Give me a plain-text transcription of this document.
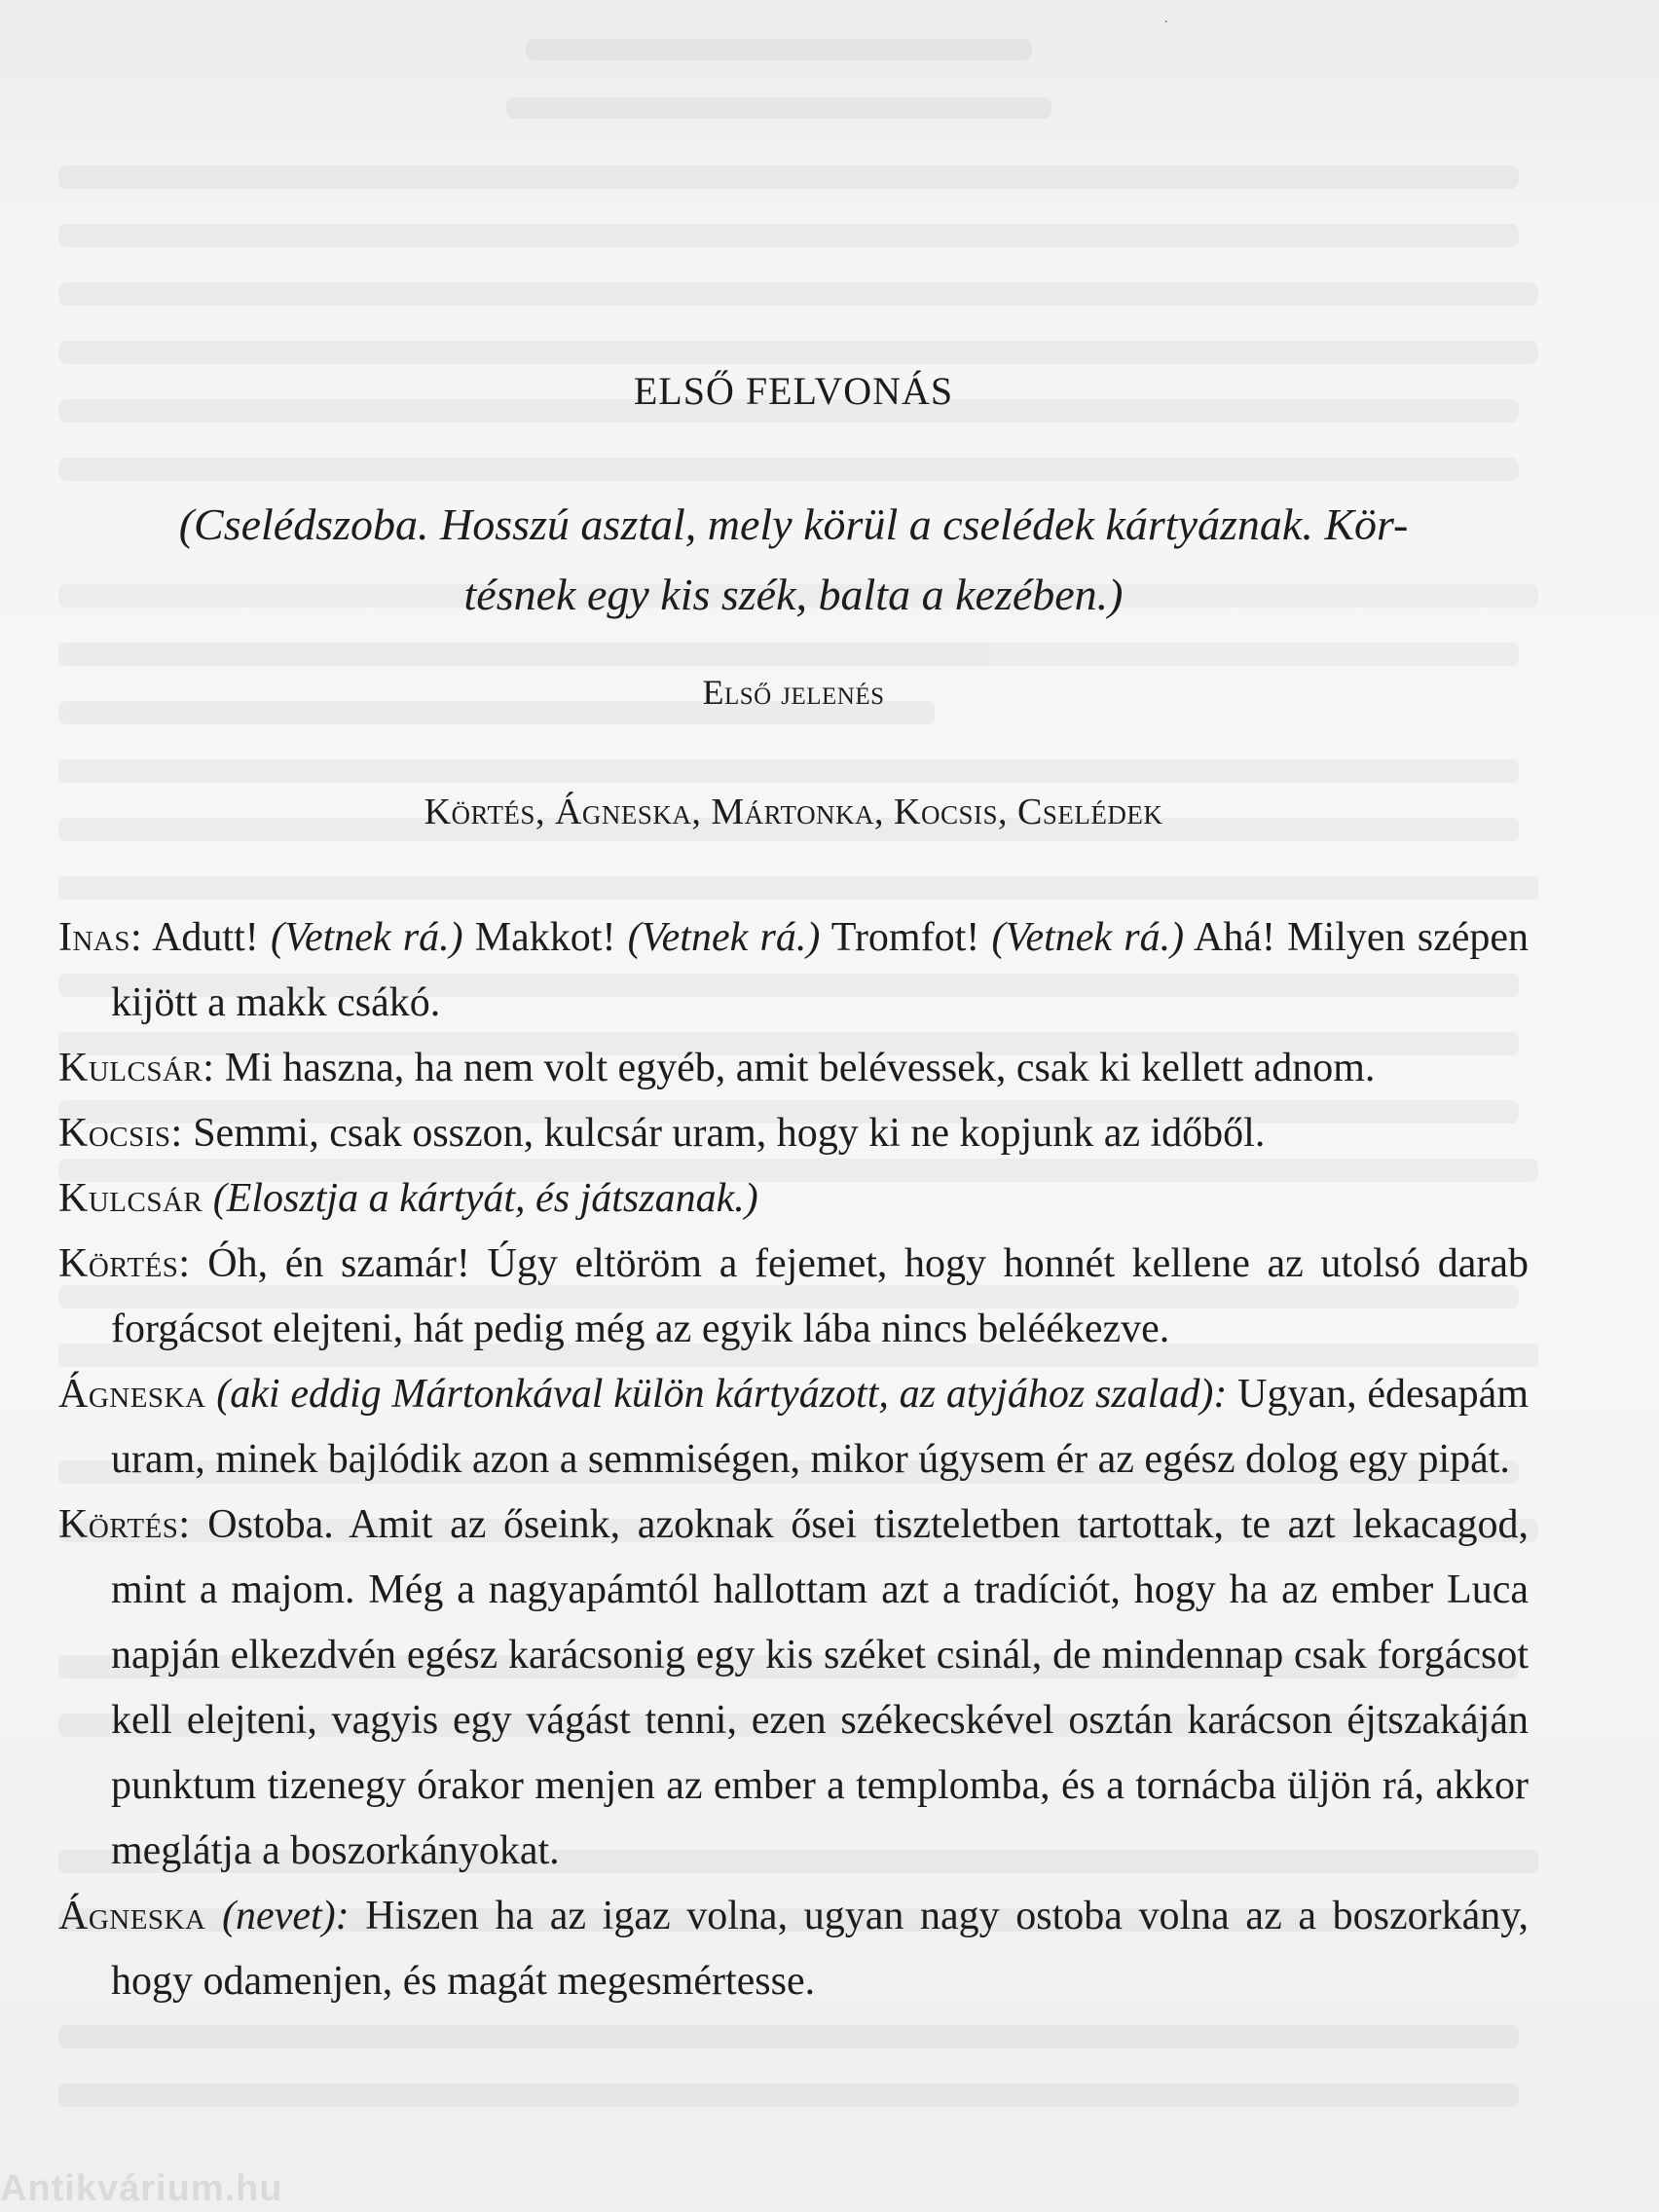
.
ELSŐ FELVONÁS
(Cselédszoba. Hosszú asztal, mely körül a cselédek kártyáznak. Kör-
tésnek egy kis szék, balta a kezében.)
Első jelenés
Körtés, Ágneska, Mártonka, Kocsis, Cselédek

Inas: Adutt! (Vetnek rá.) Makkot! (Vetnek rá.) Tromfot! (Vetnek rá.) Ahá! Milyen szépen kijött a makk csákó.

Kulcsár: Mi haszna, ha nem volt egyéb, amit belévessek, csak ki kellett adnom.

Kocsis: Semmi, csak osszon, kulcsár uram, hogy ki ne kopjunk az időből.

Kulcsár (Elosztja a kártyát, és játszanak.)

Körtés: Óh, én szamár! Úgy eltöröm a fejemet, hogy honnét kellene az utolsó darab forgácsot elejteni, hát pedig még az egyik lába nincs beléékezve.

Ágneska (aki eddig Mártonkával külön kártyázott, az atyjához szalad): Ugyan, édesapám uram, minek bajlódik azon a semmiségen, mikor úgysem ér az egész dolog egy pipát.

Körtés: Ostoba. Amit az őseink, azoknak ősei tiszteletben tartottak, te azt lekacagod, mint a majom. Még a nagyapámtól hallottam azt a tradíciót, hogy ha az ember Luca napján elkezdvén egész karácsonig egy kis széket csinál, de mindennap csak forgácsot kell elejteni, vagyis egy vágást tenni, ezen székecskével osztán karácson éjtszakáján punktum tizenegy órakor menjen az ember a templomba, és a tornácba üljön rá, akkor meglátja a boszorkányokat.

Ágneska (nevet): Hiszen ha az igaz volna, ugyan nagy ostoba volna az a boszorkány, hogy odamenjen, és magát megesmértesse.

Antikvárium.hu
